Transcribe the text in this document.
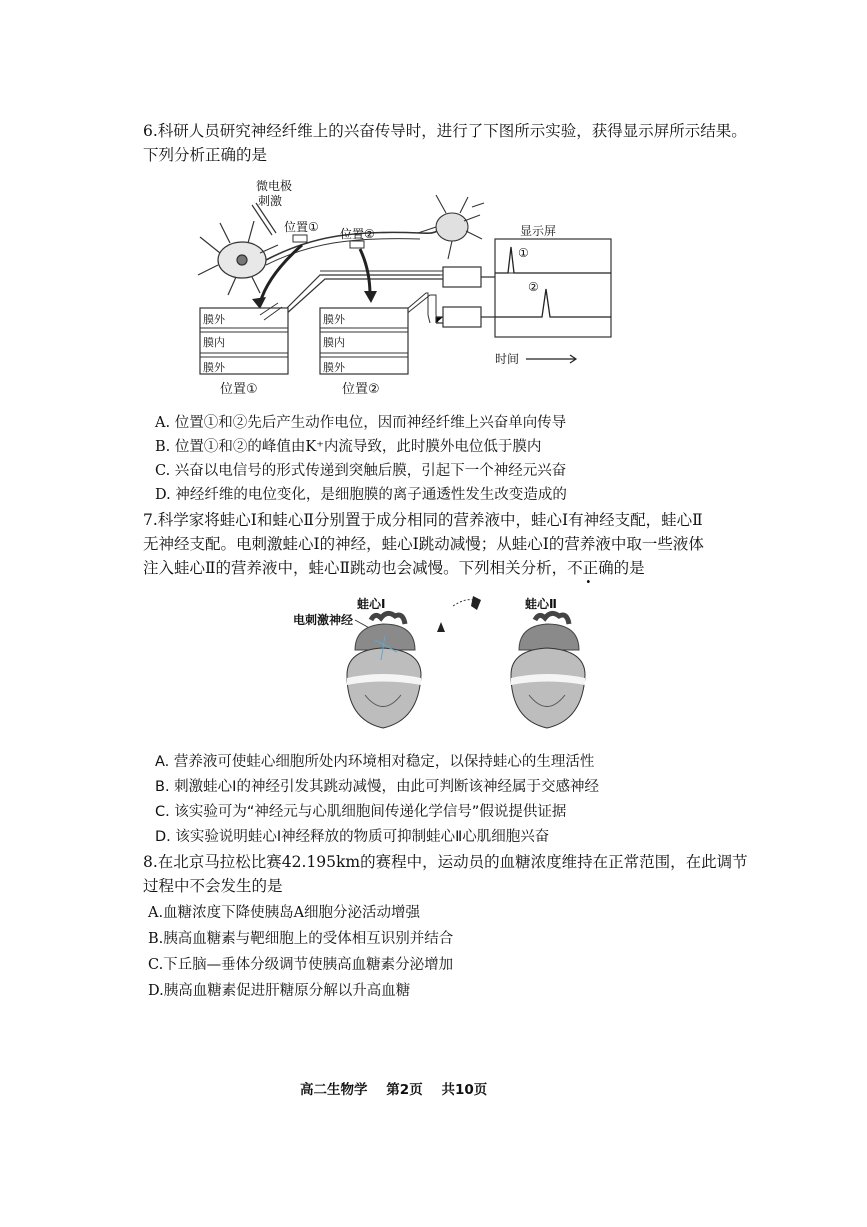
6.科研人员研究神经纤维上的兴奋传导时，进行了下图所示实验，获得显示屏所示结果。
下列分析正确的是
微电极
刺激
位置① 位置②	显示屏
①
②
时间
膜外
膜内
膜外
位置①
膜外
膜内
膜外
位置②
A. 位置①和②先后产生动作电位，因而神经纤维上兴奋单向传导
B. 位置①和②的峰值由K⁺内流导致，此时膜外电位低于膜内
C. 兴奋以电信号的形式传递到突触后膜，引起下一个神经元兴奋
D. 神经纤维的电位变化，是细胞膜的离子通透性发生改变造成的
7.科学家将蛙心Ⅰ和蛙心Ⅱ分别置于成分相同的营养液中，蛙心Ⅰ有神经支配，蛙心Ⅱ
无神经支配。电刺激蛙心Ⅰ的神经，蛙心Ⅰ跳动减慢；从蛙心Ⅰ的营养液中取一些液体
注入蛙心Ⅱ的营养液中，蛙心Ⅱ跳动也会减慢。下列相关分析，不正确的是
蛙心Ⅰ	蛙心Ⅱ
电刺激神经
A. 营养液可使蛙心细胞所处内环境相对稳定，以保持蛙心的生理活性
B. 刺激蛙心Ⅰ的神经引发其跳动减慢，由此可判断该神经属于交感神经
C. 该实验可为“神经元与心肌细胞间传递化学信号”假说提供证据
D. 该实验说明蛙心Ⅰ神经释放的物质可抑制蛙心Ⅱ心肌细胞兴奋
8.在北京马拉松比赛42.195km的赛程中，运动员的血糖浓度维持在正常范围，在此调节
过程中不会发生的是
A.血糖浓度下降使胰岛A细胞分泌活动增强
B.胰高血糖素与靶细胞上的受体相互识别并结合
C.下丘脑—垂体分级调节使胰高血糖素分泌增加
D.胰高血糖素促进肝糖原分解以升高血糖
高二生物学    第2页    共10页
